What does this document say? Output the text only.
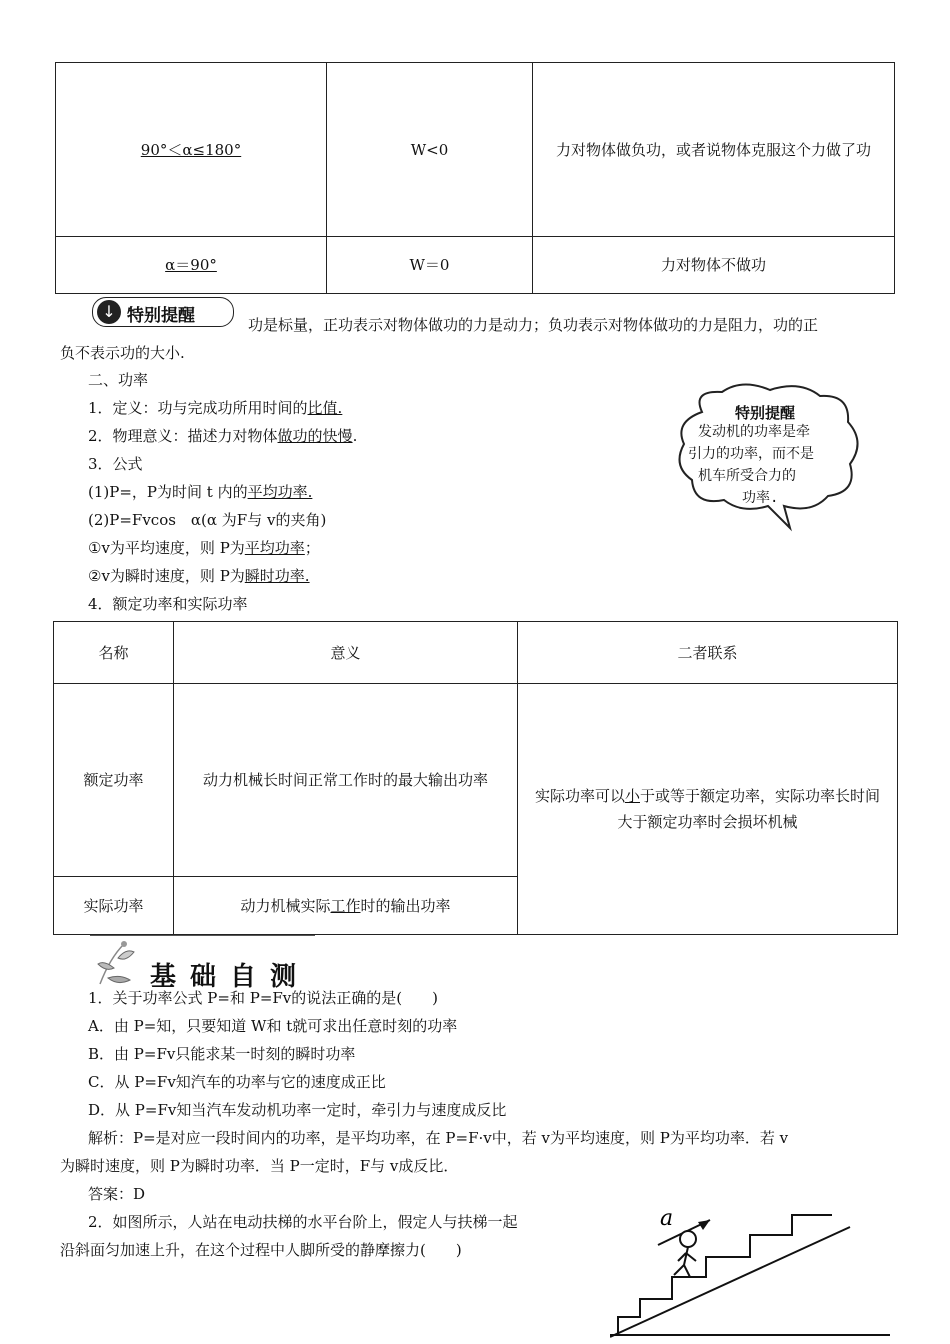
90°＜α≤180°	W<0	力对物体做负功，或者说物体克服这个力做了功
α＝90°	W＝0	力对物体不做功
↓ 特别提醒	功是标量，正功表示对物体做功的力是动力；负功表示对物体做功的力是阻力，功的正
负不表示功的大小.
二、功率
1．定义：功与完成功所用时间的比值.
2．物理意义：描述力对物体做功的快慢.
3．公式
(1)P=，P为时间 t 内的平均功率.
(2)P=Fvcos　α(α 为F与 v的夹角)
①v为平均速度，则 P为平均功率；
②v为瞬时速度，则 P为瞬时功率.
4．额定功率和实际功率
特别提醒
发动机的功率是牵
引力的功率，而不是
机车所受合力的
功率.
名称	意义	二者联系
额定功率	动力机械长时间正常工作时的最大输出功率	实际功率可以小于或等于额定功率，实际功率长时间大于额定功率时会损坏机械
实际功率	动力机械实际工作时的输出功率	
基础自测
1．关于功率公式 P=和 P=Fv的说法正确的是(　　)
A．由 P=知，只要知道 W和 t就可求出任意时刻的功率
B．由 P=Fv只能求某一时刻的瞬时功率
C．从 P=Fv知汽车的功率与它的速度成正比
D．从 P=Fv知当汽车发动机功率一定时，牵引力与速度成反比
解析：P=是对应一段时间内的功率，是平均功率，在 P=F·v中，若 v为平均速度，则 P为平均功率．若 v
为瞬时速度，则 P为瞬时功率．当 P一定时，F与 v成反比．
答案：D
2．如图所示，人站在电动扶梯的水平台阶上，假定人与扶梯一起
沿斜面匀加速上升，在这个过程中人脚所受的静摩擦力(　　)
a
